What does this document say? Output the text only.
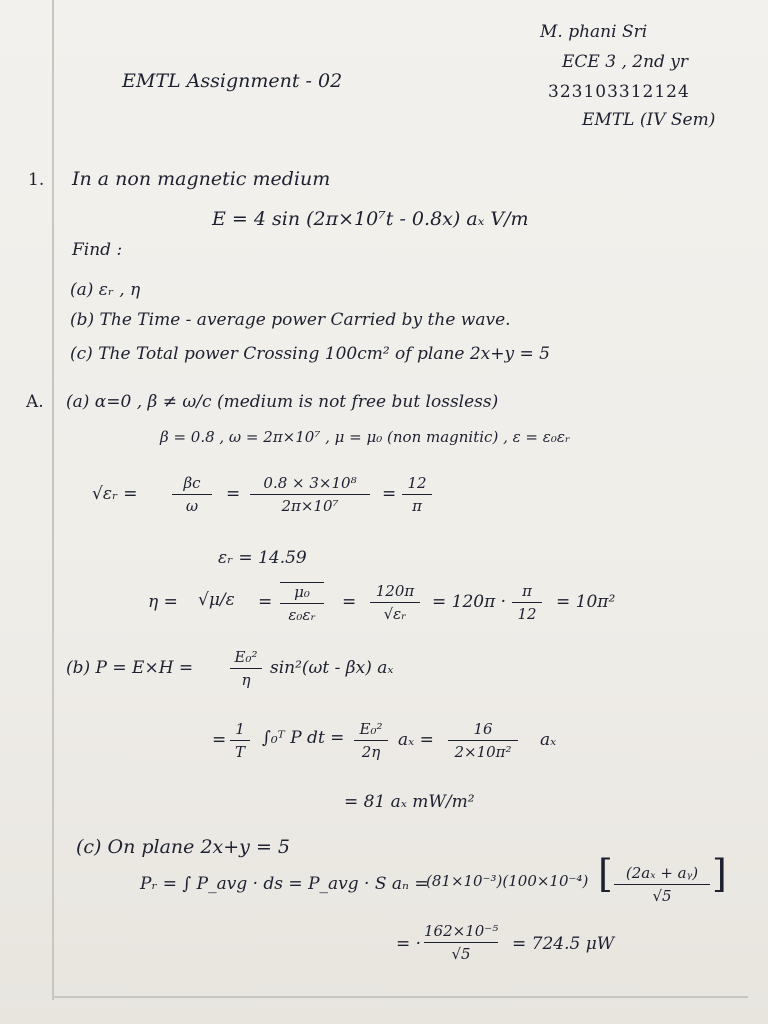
M. phani Sri
ECE 3 , 2nd yr
323103312124
EMTL (IV Sem)
EMTL Assignment - 02
1. In a non magnetic medium
E = 4 sin (2π×10⁷t - 0.8x) aₓ V/m
Find :
(a) εᵣ , η
(b) The Time - average power Carried by the wave.
(c) The Total power Crossing 100cm² of plane 2x+y = 5
A. (a) α=0 , β ≠ ω/c (medium is not free but lossless)
β = 0.8 , ω = 2π×10⁷ , μ = μ₀ (non magnitic) , ε = ε₀εᵣ
√εᵣ =
βc
ω
=
0.8 × 3×10⁸
2π×10⁷
=
12
π
εᵣ = 14.59
η = √μ/ε =	μ₀
ε₀εᵣ
=
120π
√εᵣ
= 120π ·
π
12
= 10π²
(b) P = E×H =
E₀²
η
sin²(ωt - βx) aₓ
=
1
T
∫₀ᵀ P dt =	E₀²
2η
aₓ =
16
2×10π²
aₓ
= 81 aₓ mW/m²
(c) On plane 2x+y = 5
Pᵣ = ∫ P_avg · ds = P_avg · S aₙ =
(81×10⁻³)(100×10⁻⁴) [ (2aₓ + aᵧ)
√5	]
= ·
162×10⁻⁵
√5	= 724.5 μW
